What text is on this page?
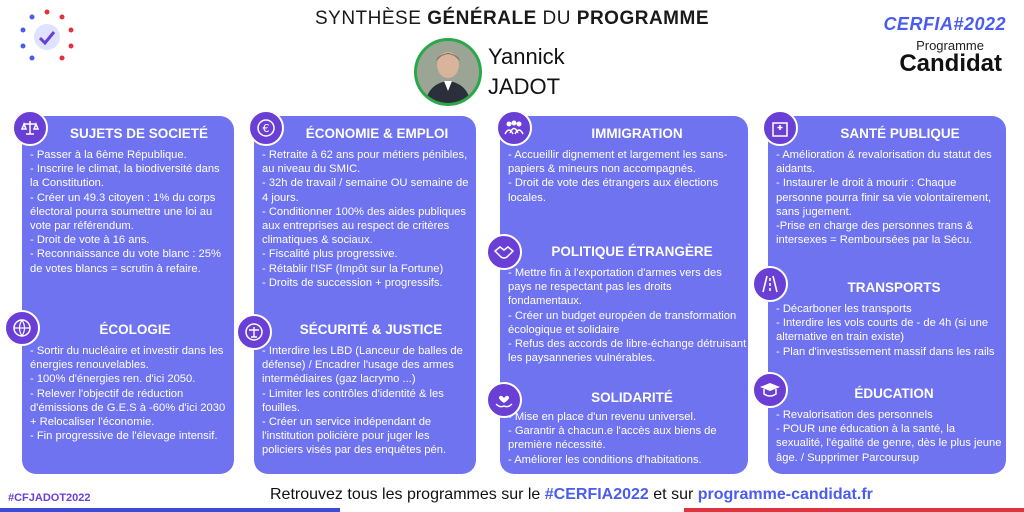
SYNTHÈSE GÉNÉRALE DU PROGRAMME	CERFIA#2022
Programme
Candidat
Yannick
JADOT
SUJETS DE SOCIETÉ
- Passer à la 6ème République.
- Inscrire le climat, la biodiversité dans la Constitution.
- Créer un 49.3 citoyen : 1% du corps électoral pourra soumettre une loi au vote par référendum.
- Droit de vote à 16 ans.
- Reconnaissance du vote blanc : 25% de votes blancs = scrutin à refaire.
ÉCOLOGIE
- Sortir du nucléaire et investir dans les énergies renouvelables.
- 100% d'énergies ren. d'ici 2050.
- Relever l'objectif de réduction d'émissions de G.E.S à -60% d'ici 2030 + Relocaliser l'économie.
- Fin progressive de l'élevage intensif.
€	ÉCONOMIE & EMPLOI
- Retraite à 62 ans pour métiers pénibles, au niveau du SMIC.
- 32h de travail / semaine OU semaine de 4 jours.
- Conditionner 100% des aides publiques aux entreprises au respect de critères climatiques & sociaux.
- Fiscalité plus progressive.
- Rétablir l'ISF (Impôt sur la Fortune)
- Droits de succession + progressifs.
SÉCURITÉ & JUSTICE
- Interdire les LBD (Lanceur de balles de défense) / Encadrer l'usage des armes intermédiaires (gaz lacrymo ...)
- Limiter les contrôles d'identité & les fouilles.
- Créer un service indépendant de l'institution policière pour juger les policiers visés par des enquêtes pén.
IMMIGRATION
- Accueillir dignement et largement les sans-papiers & mineurs non accompagnés.
- Droit de vote des étrangers aux élections locales.
POLITIQUE ÉTRANGÈRE
- Mettre fin à l'exportation d'armes vers des pays ne respectant pas les droits fondamentaux.
- Créer un budget européen de transformation écologique et solidaire
- Refus des accords de libre-échange détruisant les paysanneries vulnérables.
SOLIDARITÉ
- Mise en place d'un revenu universel.
- Garantir à chacun.e l'accès aux biens de première nécessité.
- Améliorer les conditions d'habitations.
SANTÉ PUBLIQUE
- Amélioration & revalorisation du statut des aidants.
- Instaurer le droit à mourir : Chaque personne pourra finir sa vie volontairement, sans jugement.
-Prise en charge des personnes trans & intersexes = Remboursées par la Sécu.
TRANSPORTS
- Décarboner les transports
- Interdire les vols courts de - de 4h (si une alternative en train existe)
- Plan d'investissement massif dans les rails
ÉDUCATION
- Revalorisation des personnels
- POUR une éducation à la santé, la sexualité, l'égalité de genre, dès le plus jeune âge. / Supprimer Parcoursup
#CFJADOT2022	Retrouvez tous les programmes sur le #CERFIA2022 et sur programme-candidat.fr
